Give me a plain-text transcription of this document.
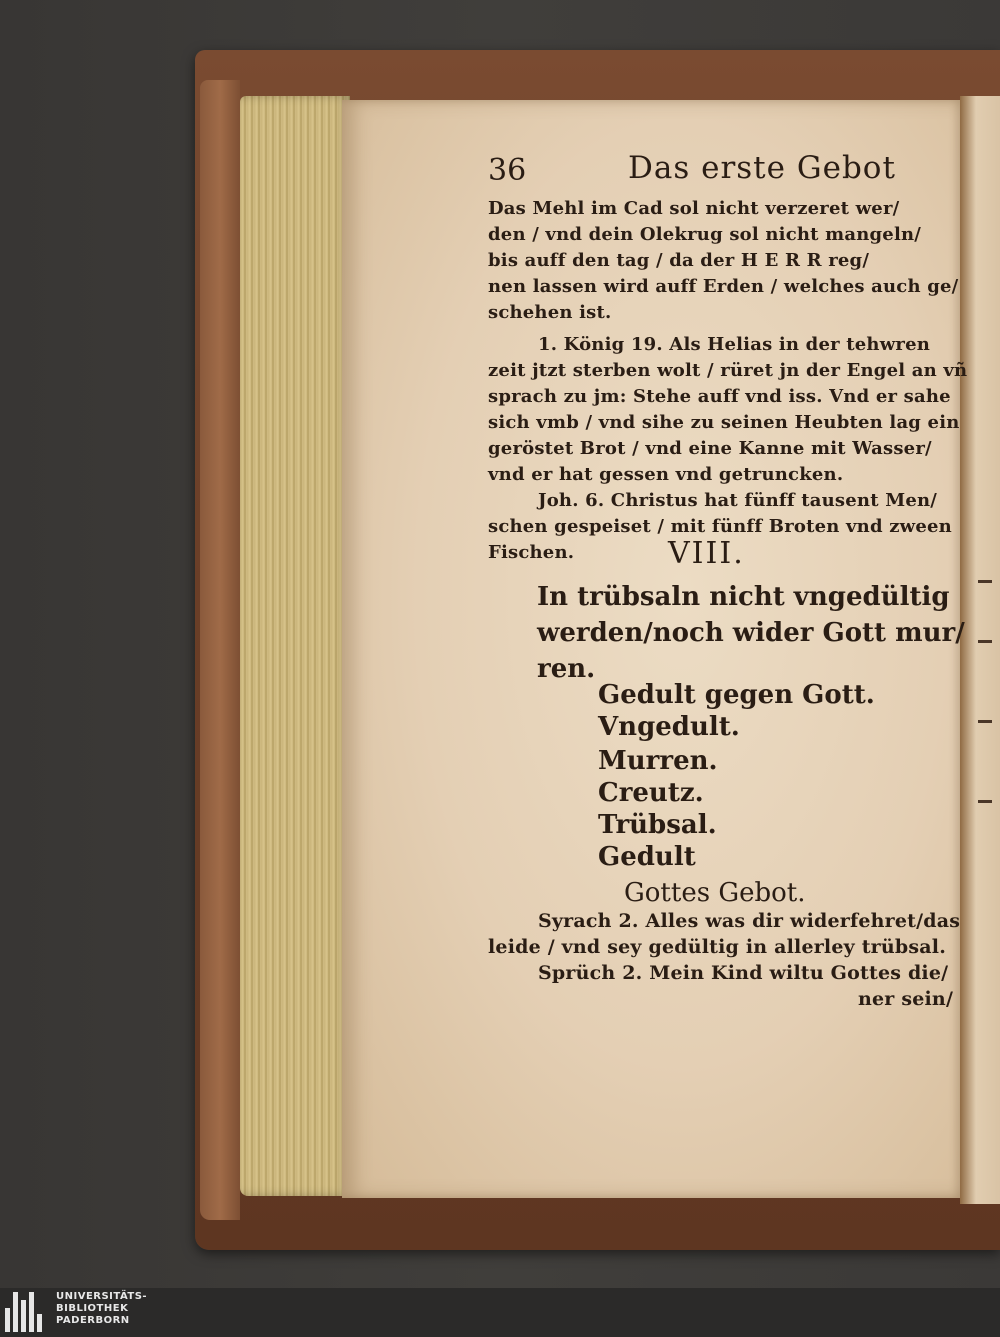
36	Das erste Gebot
Das Mehl im Cad sol nicht verzeret wer/
den / vnd dein Olekrug sol nicht mangeln/
bis auff den tag / da der H E R R reg/
nen lassen wird auff Erden / welches auch ge/
schehen ist.
1. König 19. Als Helias in der tehwren
zeit jtzt sterben wolt / rüret jn der Engel an vñ
sprach zu jm: Stehe auff vnd iss. Vnd er sahe
sich vmb / vnd sihe zu seinen Heubten lag ein
geröstet Brot / vnd eine Kanne mit Wasser/
vnd er hat gessen vnd getruncken.
Joh. 6. Christus hat fünff tausent Men/
schen gespeiset / mit fünff Broten vnd zween
Fischen.	VIII.
In trübsaln nicht vngedültig
werden/noch wider Gott mur/
ren.
Gedult gegen Gott.
Vngedult.
Murren.
Creutz.
Trübsal.
Gedult
Gottes Gebot.
Syrach 2. Alles was dir widerfehret/das
leide / vnd sey gedültig in allerley trübsal.
Sprüch 2. Mein Kind wiltu Gottes die/
ner sein/
UNIVERSITÄTS-
BIBLIOTHEK
PADERBORN
